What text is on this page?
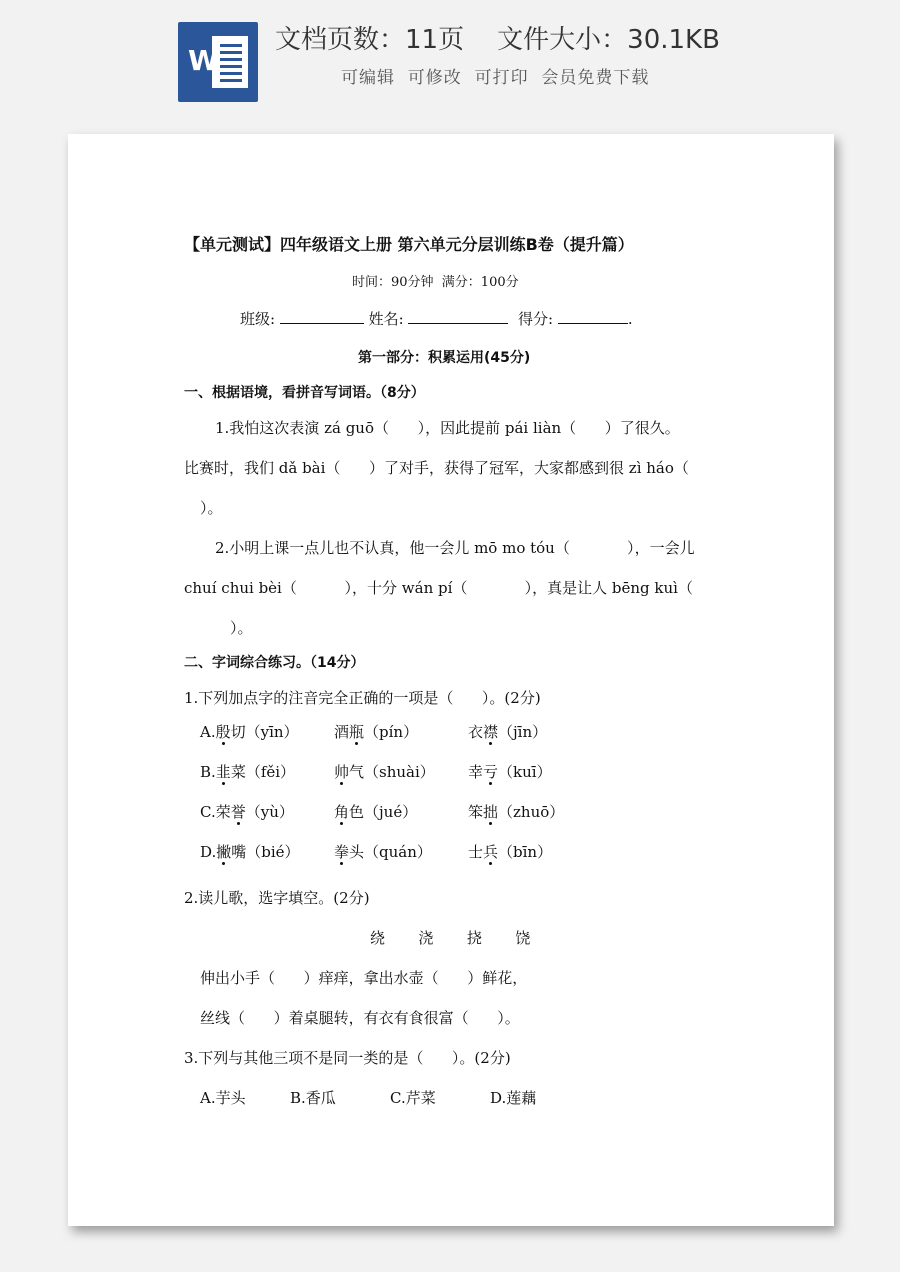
W
文档页数：11页 文件大小：30.1KB
可编辑  可修改  可打印  会员免费下载
【单元测试】四年级语文上册 第六单元分层训练B卷（提升篇）
时间：90分钟  满分：100分
班级:	姓名:	得分:	.
第一部分：积累运用(45分)
一、根据语境，看拼音写词语。（8分）
1.我怕这次表演 zá guō（      ），因此提前 pái liàn（      ）了很久。
比赛时，我们 dǎ bài（      ）了对手，获得了冠军，大家都感到很 zì háo（
）。
2.小明上课一点儿也不认真，他一会儿 mō mo tóu（            ），一会儿
chuí chui bèi（          ），十分 wán pí（            ），真是让人 bēng kuì（
）。
二、字词综合练习。（14分）
1.下列加点字的注音完全正确的一项是（      ）。(2分)
A.殷切（yīn） 酒瓶（pín）	衣襟（jīn）
B.韭菜（fěi）	帅气（shuài） 幸亏（kuī）
C.荣誉（yù）	角色（jué）	笨拙（zhuō）
D.撇嘴（bié） 拳头（quán） 士兵（bīn）
2.读儿歌，选字填空。(2分)
绕 浇 挠 饶
伸出小手（      ）痒痒，拿出水壶（      ）鲜花，
丝线（      ）着桌腿转，有衣有食很富（      ）。
3.下列与其他三项不是同一类的是（      ）。(2分)
A.芋头	B.香瓜	C.芹菜	D.莲藕
